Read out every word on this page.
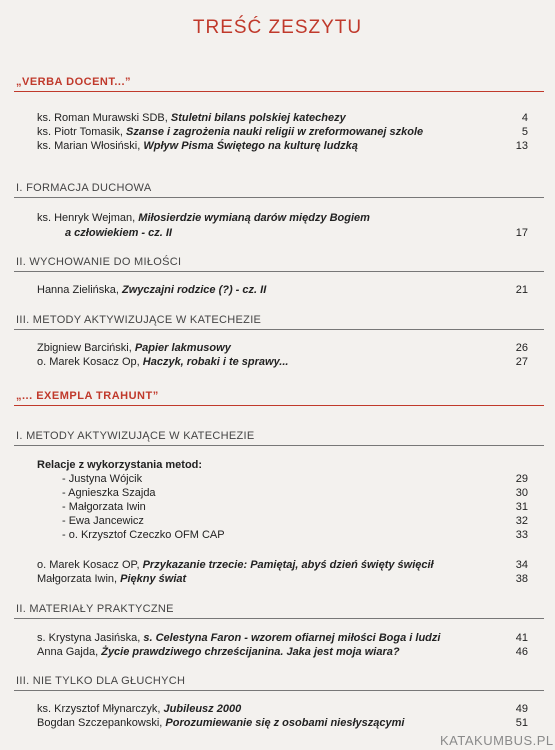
TREŚĆ ZESZYTU
„VERBA DOCENT...”
ks. Roman Murawski SDB, Stuletni bilans polskiej katechezy	4
ks. Piotr Tomasik, Szanse i zagrożenia nauki religii w zreformowanej szkole	5
ks. Marian Włosiński, Wpływ Pisma Świętego na kulturę ludzką	13
I. FORMACJA DUCHOWA
ks. Henryk Wejman, Miłosierdzie wymianą darów między Bogiem
a człowiekiem - cz. II	17
II. WYCHOWANIE DO MIŁOŚCI
Hanna Zielińska, Zwyczajni rodzice (?) - cz. II	21
III. METODY AKTYWIZUJĄCE W KATECHEZIE
Zbigniew Barciński, Papier lakmusowy	26
o. Marek Kosacz Op, Haczyk, robaki i te sprawy...	27
„... EXEMPLA TRAHUNT”
I. METODY AKTYWIZUJĄCE W KATECHEZIE
Relacje z wykorzystania metod:
- Justyna Wójcik	29
- Agnieszka Szajda	30
- Małgorzata Iwin	31
- Ewa Jancewicz	32
- o. Krzysztof Czeczko OFM CAP	33
o. Marek Kosacz OP, Przykazanie trzecie: Pamiętaj, abyś dzień święty święcił	34
Małgorzata Iwin, Piękny świat	38
II. MATERIAŁY PRAKTYCZNE
s. Krystyna Jasińska, s. Celestyna Faron - wzorem ofiarnej miłości Boga i ludzi	41
Anna Gajda, Życie prawdziwego chrześcijanina. Jaka jest moja wiara?	46
III. NIE TYLKO DLA GŁUCHYCH
ks. Krzysztof Młynarczyk, Jubileusz 2000	49
Bogdan Szczepankowski, Porozumiewanie się z osobami niesłyszącymi	51
KATAKUMBUS.PL
